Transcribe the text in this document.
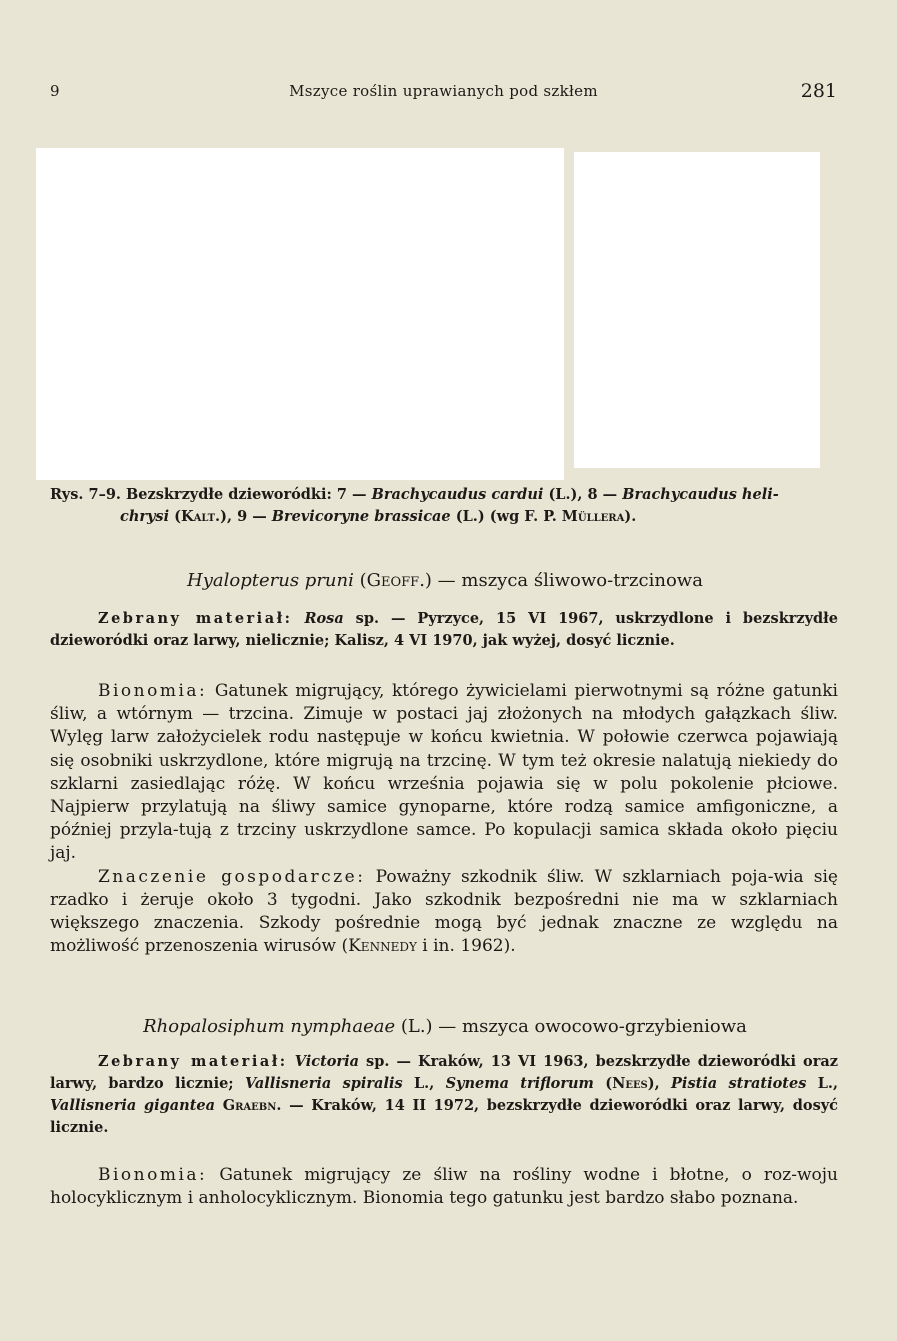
9	Mszyce roślin uprawianych pod szkłem	281
Rys. 7–9. Bezskrzydłe dzieworódki: 7 — Brachycaudus cardui (L.), 8 — Brachycaudus heli-
chrysi (Kalt.), 9 — Brevicoryne brassicae (L.) (wg F. P. Müllera).
Hyalopterus pruni (Geoff.) — mszyca śliwowo-trzcinowa

Zebrany materiał: Rosa sp. — Pyrzyce, 15 VI 1967, uskrzydlone i bezskrzydłe dzieworódki oraz larwy, nielicznie; Kalisz, 4 VI 1970, jak wyżej, dosyć licznie.

Bionomia: Gatunek migrujący, którego żywicielami pierwotnymi są różne gatunki śliw, a wtórnym — trzcina. Zimuje w postaci jaj złożonych na młodych gałązkach śliw. Wylęg larw założycielek rodu następuje w końcu kwietnia. W połowie czerwca pojawiają się osobniki uskrzydlone, które migrują na trzcinę. W tym też okresie nalatują niekiedy do szklarni zasiedlając różę. W końcu września pojawia się w polu pokolenie płciowe. Najpierw przylatują na śliwy samice gynoparne, które rodzą samice amfigoniczne, a później przyla-tują z trzciny uskrzydlone samce. Po kopulacji samica składa około pięciu jaj.

Znaczenie gospodarcze: Poważny szkodnik śliw. W szklarniach poja-wia się rzadko i żeruje około 3 tygodni. Jako szkodnik bezpośredni nie ma w szklarniach większego znaczenia. Szkody pośrednie mogą być jednak znaczne ze względu na możliwość przenoszenia wirusów (Kennedy i in. 1962).

Rhopalosiphum nymphaeae (L.) — mszyca owocowo-grzybieniowa

Zebrany materiał: Victoria sp. — Kraków, 13 VI 1963, bezskrzydłe dzieworódki oraz larwy, bardzo licznie; Vallisneria spiralis L., Synema triflorum (Nees), Pistia stratiotes L., Vallisneria gigantea Graebn. — Kraków, 14 II 1972, bezskrzydłe dzieworódki oraz larwy, dosyć licznie.

Bionomia: Gatunek migrujący ze śliw na rośliny wodne i błotne, o roz-woju holocyklicznym i anholocyklicznym. Bionomia tego gatunku jest bardzo słabo poznana.
